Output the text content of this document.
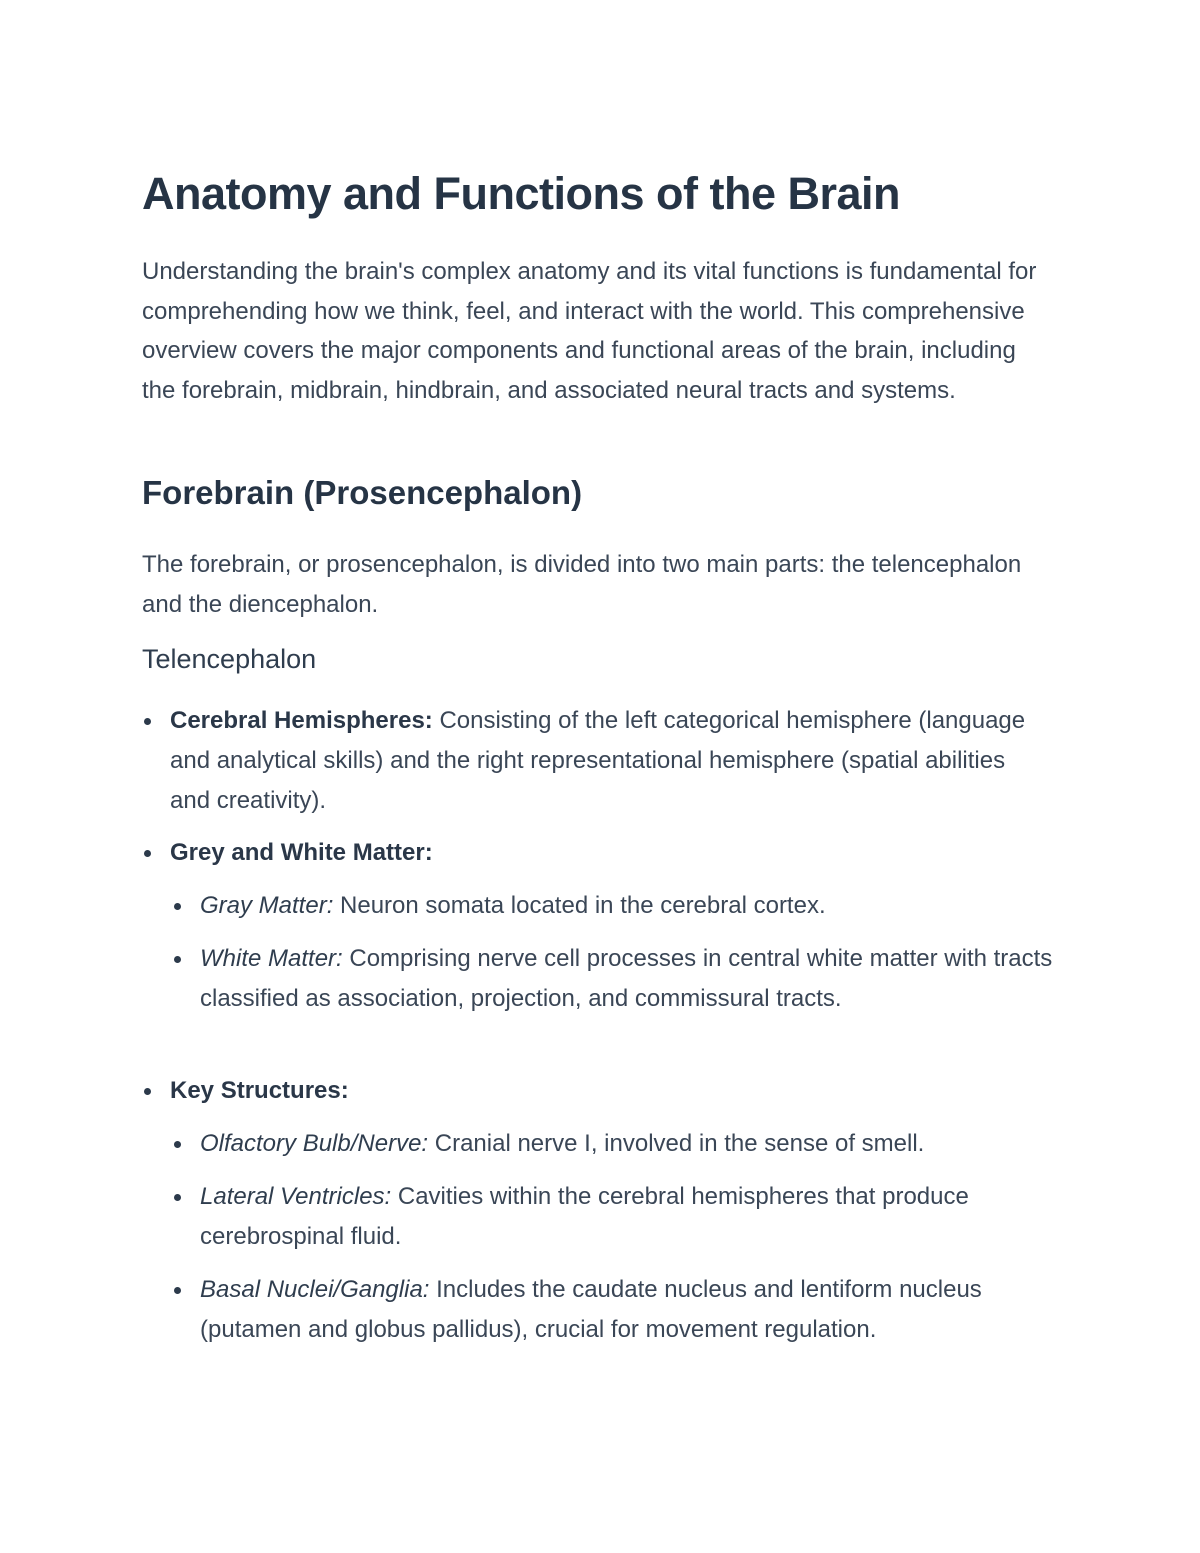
Anatomy and Functions of the Brain

Understanding the brain's complex anatomy and its vital functions is fundamental for comprehending how we think, feel, and interact with the world. This comprehensive overview covers the major components and functional areas of the brain, including the forebrain, midbrain, hindbrain, and associated neural tracts and systems.

Forebrain (Prosencephalon)

The forebrain, or prosencephalon, is divided into two main parts: the telencephalon and the diencephalon.

Telencephalon
Cerebral Hemispheres: Consisting of the left categorical hemisphere (language and analytical skills) and the right representational hemisphere (spatial abilities and creativity).
Grey and White Matter:
Gray Matter: Neuron somata located in the cerebral cortex.
White Matter: Comprising nerve cell processes in central white matter with tracts classified as association, projection, and commissural tracts.
Key Structures:
Olfactory Bulb/Nerve: Cranial nerve I, involved in the sense of smell.
Lateral Ventricles: Cavities within the cerebral hemispheres that produce cerebrospinal fluid.
Basal Nuclei/Ganglia: Includes the caudate nucleus and lentiform nucleus (putamen and globus pallidus), crucial for movement regulation.
